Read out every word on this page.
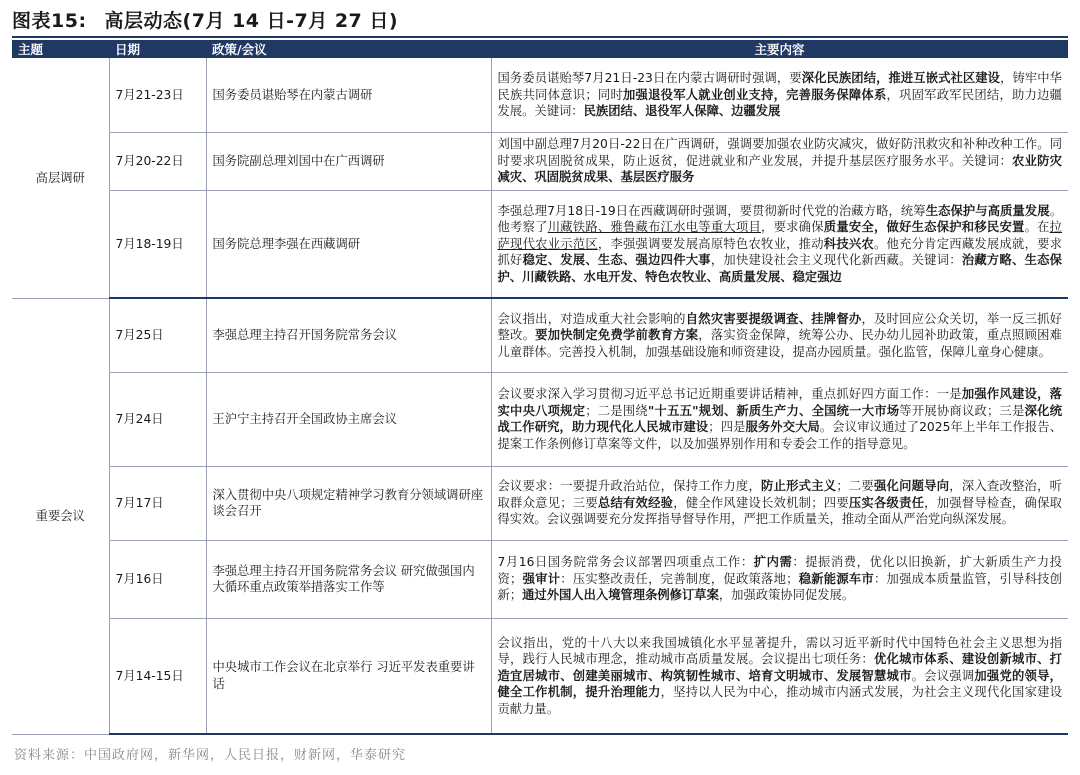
图表15: 高层动态(7月 14 日-7月 27 日)
主题	日期	政策/会议	主要内容
高层调研	7月21-23日	国务委员谌贻琴在内蒙古调研	国务委员谌贻琴7月21日-23日在内蒙古调研时强调，要深化民族团结，推进互嵌式社区建设，铸牢中华民族共同体意识；同时加强退役军人就业创业支持，完善服务保障体系，巩固军政军民团结，助力边疆发展。关键词：民族团结、退役军人保障、边疆发展
	7月20-22日	国务院副总理刘国中在广西调研	刘国中副总理7月20日-22日在广西调研，强调要加强农业防灾减灾，做好防汛救灾和补种改种工作。同时要求巩固脱贫成果，防止返贫，促进就业和产业发展，并提升基层医疗服务水平。关键词：农业防灾减灾、巩固脱贫成果、基层医疗服务
	7月18-19日	国务院总理李强在西藏调研	李强总理7月18日-19日在西藏调研时强调，要贯彻新时代党的治藏方略，统筹生态保护与高质量发展。他考察了川藏铁路、雅鲁藏布江水电等重大项目，要求确保质量安全，做好生态保护和移民安置。在拉萨现代农业示范区，李强强调要发展高原特色农牧业，推动科技兴农。他充分肯定西藏发展成就，要求抓好稳定、发展、生态、强边四件大事，加快建设社会主义现代化新西藏。关键词：治藏方略、生态保护、川藏铁路、水电开发、特色农牧业、高质量发展、稳定强边
重要会议	7月25日	李强总理主持召开国务院常务会议	会议指出，对造成重大社会影响的自然灾害要提级调查、挂牌督办，及时回应公众关切，举一反三抓好整改。要加快制定免费学前教育方案，落实资金保障，统筹公办、民办幼儿园补助政策，重点照顾困难儿童群体。完善投入机制，加强基础设施和师资建设，提高办园质量。强化监管，保障儿童身心健康。
	7月24日	王沪宁主持召开全国政协主席会议	会议要求深入学习贯彻习近平总书记近期重要讲话精神，重点抓好四方面工作：一是加强作风建设，落实中央八项规定；二是围绕"十五五"规划、新质生产力、全国统一大市场等开展协商议政；三是深化统战工作研究，助力现代化人民城市建设；四是服务外交大局。会议审议通过了2025年上半年工作报告、提案工作条例修订草案等文件，以及加强界别作用和专委会工作的指导意见。
	7月17日	深入贯彻中央八项规定精神学习教育分领域调研座谈会召开	会议要求：一要提升政治站位，保持工作力度，防止形式主义；二要强化问题导向，深入查改整治，听取群众意见；三要总结有效经验，健全作风建设长效机制；四要压实各级责任，加强督导检查，确保取得实效。会议强调要充分发挥指导督导作用，严把工作质量关，推动全面从严治党向纵深发展。
	7月16日	李强总理主持召开国务院常务会议 研究做强国内大循环重点政策举措落实工作等	7月16日国务院常务会议部署四项重点工作：扩内需：提振消费，优化以旧换新，扩大新质生产力投资；强审计：压实整改责任，完善制度，促政策落地；稳新能源车市：加强成本质量监管，引导科技创新；通过外国人出入境管理条例修订草案，加强政策协同促发展。
	7月14-15日	中央城市工作会议在北京举行 习近平发表重要讲话	会议指出，党的十八大以来我国城镇化水平显著提升，需以习近平新时代中国特色社会主义思想为指导，践行人民城市理念，推动城市高质量发展。会议提出七项任务：优化城市体系、建设创新城市、打造宜居城市、创建美丽城市、构筑韧性城市、培育文明城市、发展智慧城市。会议强调加强党的领导，健全工作机制，提升治理能力，坚持以人民为中心，推动城市内涵式发展，为社会主义现代化国家建设贡献力量。
资料来源：中国政府网，新华网，人民日报，财新网，华泰研究
